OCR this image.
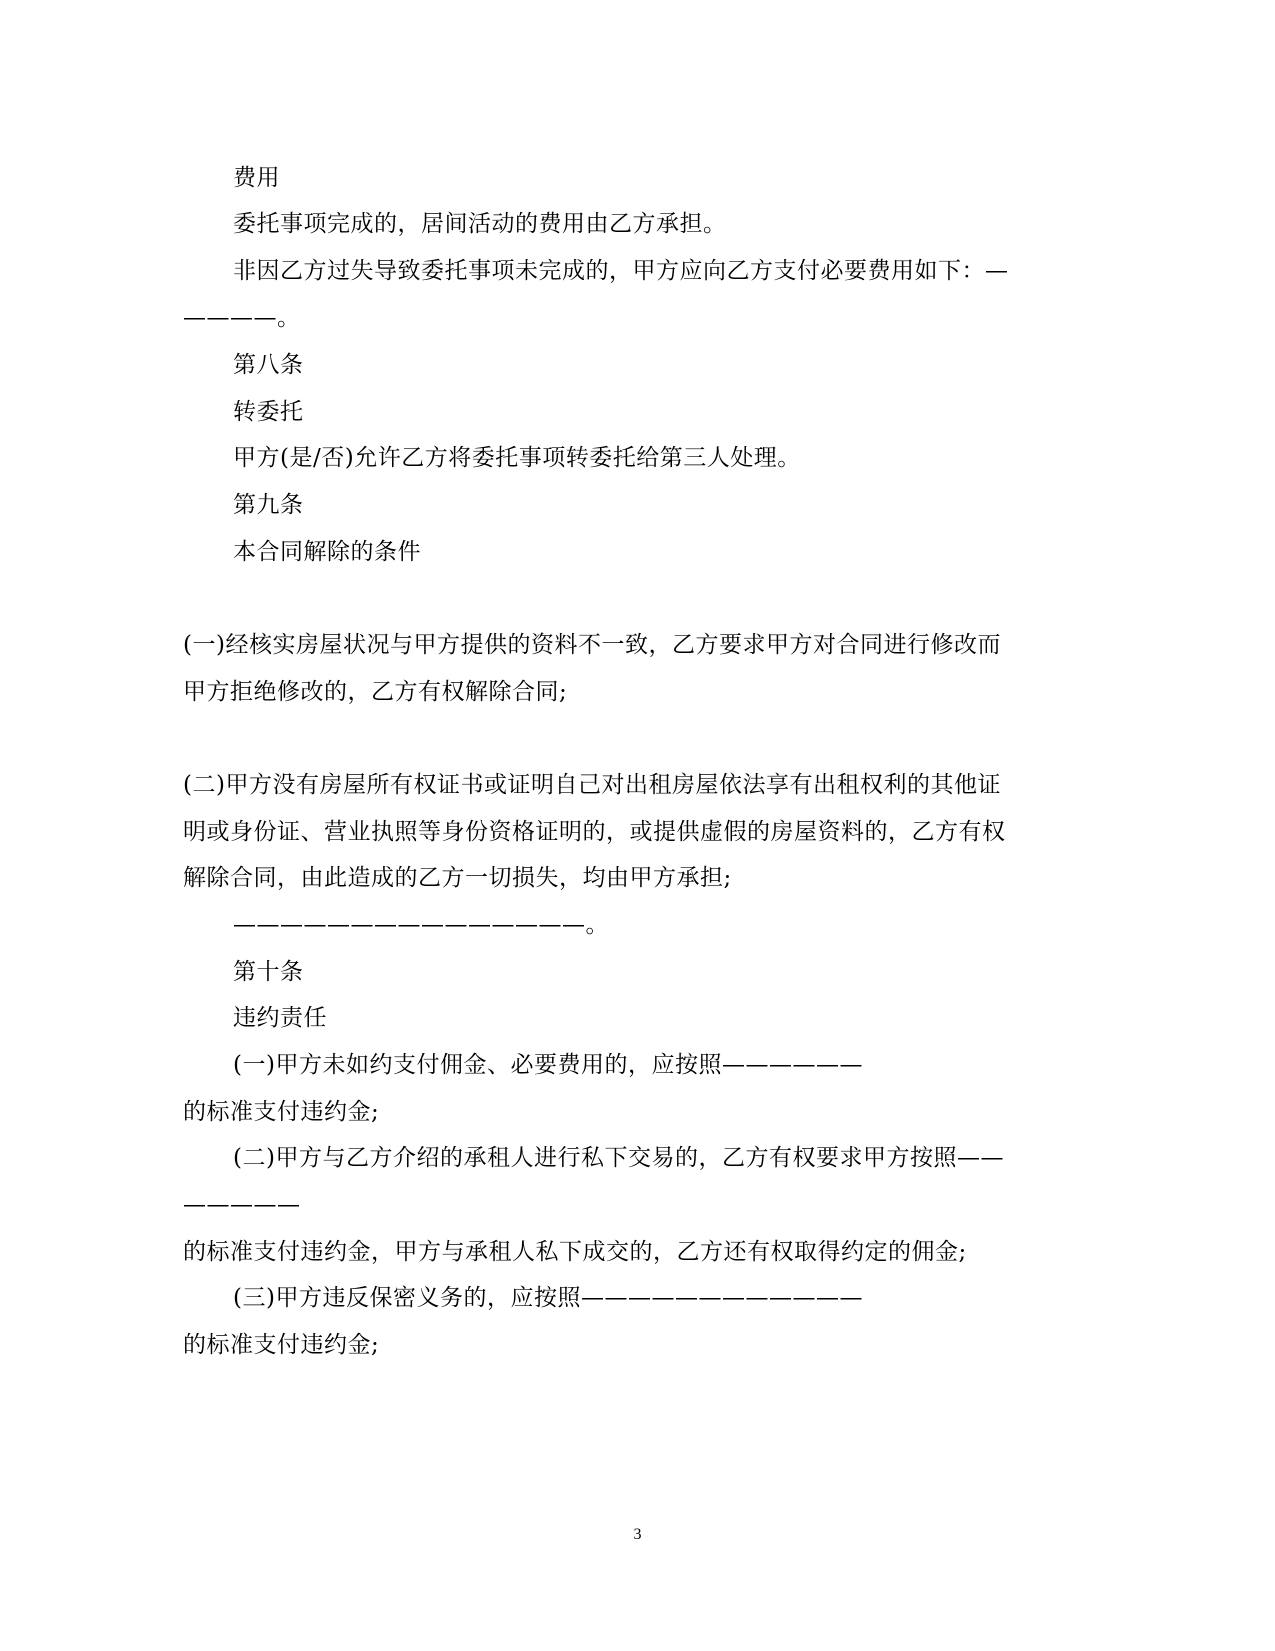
费用
委托事项完成的，居间活动的费用由乙方承担。
非因乙方过失导致委托事项未完成的，甲方应向乙方支付必要费用如下：—
————。
第八条
转委托
甲方(是/否)允许乙方将委托事项转委托给第三人处理。
第九条
本合同解除的条件
(一)经核实房屋状况与甲方提供的资料不一致，乙方要求甲方对合同进行修改而
甲方拒绝修改的，乙方有权解除合同;
(二)甲方没有房屋所有权证书或证明自己对出租房屋依法享有出租权利的其他证
明或身份证、营业执照等身份资格证明的，或提供虚假的房屋资料的，乙方有权
解除合同，由此造成的乙方一切损失，均由甲方承担;
———————————————。
第十条
违约责任
(一)甲方未如约支付佣金、必要费用的，应按照——————
的标准支付违约金;
(二)甲方与乙方介绍的承租人进行私下交易的，乙方有权要求甲方按照——
—————
的标准支付违约金，甲方与承租人私下成交的，乙方还有权取得约定的佣金;
(三)甲方违反保密义务的，应按照————————————
的标准支付违约金;
3
